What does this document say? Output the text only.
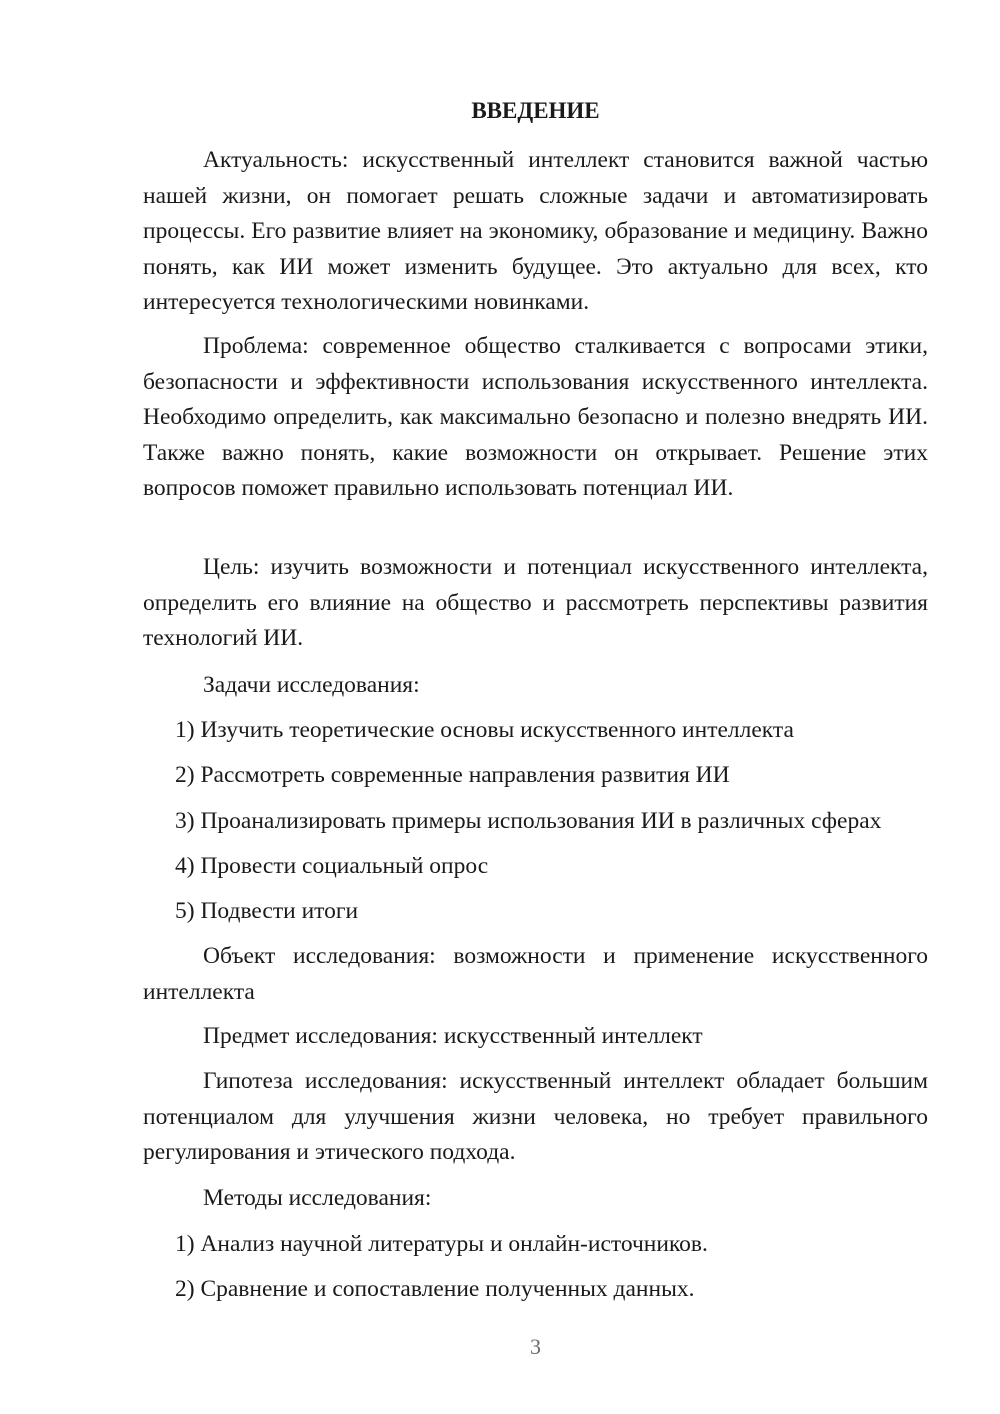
ВВЕДЕНИЕ

Актуальность: искусственный интеллект становится важной частью нашей жизни, он помогает решать сложные задачи и автоматизировать процессы. Его развитие влияет на экономику, образование и медицину. Важно понять, как ИИ может изменить будущее. Это актуально для всех, кто интересуется технологическими новинками.

Проблема: современное общество сталкивается с вопросами этики, безопасности и эффективности использования искусственного интеллекта. Необходимо определить, как максимально безопасно и полезно внедрять ИИ. Также важно понять, какие возможности он открывает. Решение этих вопросов поможет правильно использовать потенциал ИИ.

Цель: изучить возможности и потенциал искусственного интеллекта, определить его влияние на общество и рассмотреть перспективы развития технологий ИИ.

Задачи исследования:

1) Изучить теоретические основы искусственного интеллекта

2) Рассмотреть современные направления развития ИИ

3) Проанализировать примеры использования ИИ в различных сферах

4) Провести социальный опрос

5) Подвести итоги

Объект исследования: возможности и применение искусственного интеллекта

Предмет исследования: искусственный интеллект

Гипотеза исследования: искусственный интеллект обладает большим потенциалом для улучшения жизни человека, но требует правильного регулирования и этического подхода.

Методы исследования:

1) Анализ научной литературы и онлайн-источников.

2) Сравнение и сопоставление полученных данных.

3
